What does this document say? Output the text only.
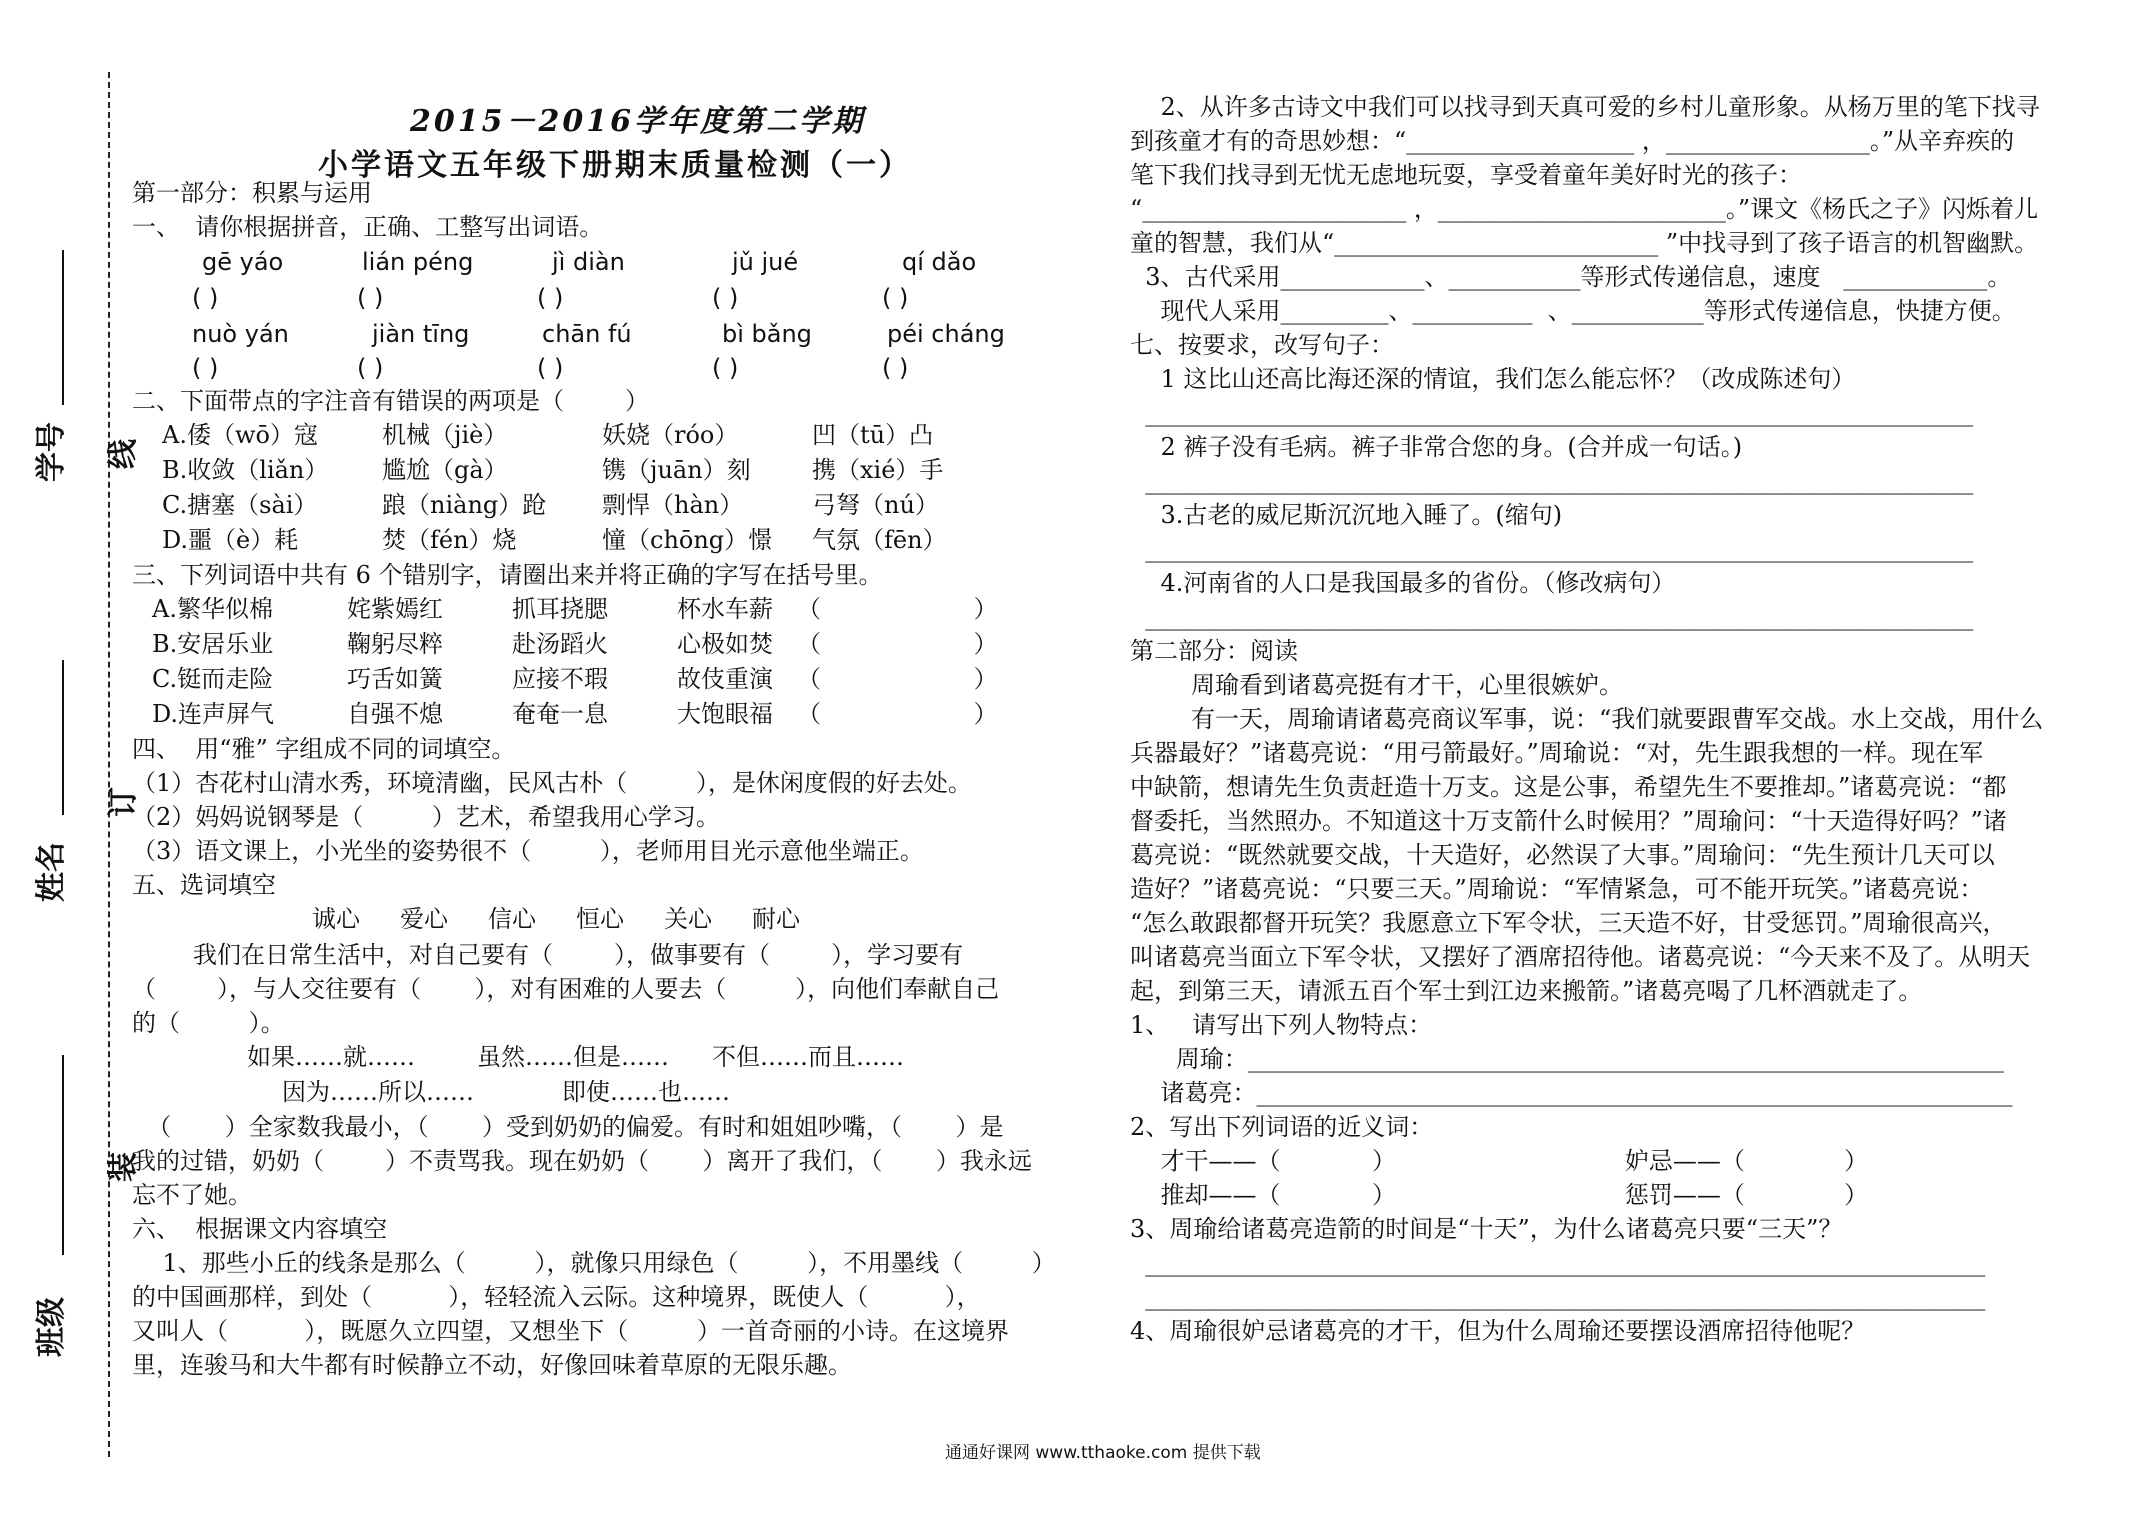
学号
姓名
班级
线
订
装
2015－2016学年度第二学期
小学语文五年级下册期末质量检测（一）
第一部分：积累与运用
一、  请你根据拼音，正确、工整写出词语。
gē yáo	lián péng	jì diàn	jǔ jué	qí dǎo
( )	( )	( )	( )	( )
nuò yán	jiàn tīng	chān fú	bì bǎng	péi cháng
( )	( )	( )	( )	( )
二、下面带点的字注音有错误的两项是（        ）
A.倭（wō）寇	机械（jiè）	妖娆（róo）	凹（tū）凸
B.收敛（liǎn） 尴尬（gà）	镌（juān）刻	携（xié）手
C.搪塞（sài）	踉（niàng）跄 剽悍（hàn）	弓弩（nú）
D.噩（è）耗	焚（fén）烧	憧（chōng）憬 气氛（fēn）
三、下列词语中共有 6 个错别字，请圈出来并将正确的字写在括号里。
A.繁华似棉	姹紫嫣红	抓耳挠腮	杯水车薪 （                    ）
B.安居乐业	鞠躬尽粹	赴汤蹈火	心极如焚 （                    ）
C.铤而走险	巧舌如簧	应接不瑕	故伎重演 （                    ）
D.连声屏气	自强不熄	奄奄一息	大饱眼福 （                    ）
四、  用“雅” 字组成不同的词填空。
（1）杏花村山清水秀，环境清幽，民风古朴（         ），是休闲度假的好去处。
（2）妈妈说钢琴是（         ）艺术，希望我用心学习。
（3）语文课上，小光坐的姿势很不（         ），老师用目光示意他坐端正。
五、选词填空
诚心 爱心 信心 恒心 关心 耐心
我们在日常生活中，对自己要有（        ），做事要有（        ），学习要有
（        ），与人交往要有（       ），对有困难的人要去（         ），向他们奉献自己
的（         ）。
如果……就……	虽然……但是…… 不但……而且……
因为……所以……	即使……也……
（       ）全家数我最小，（       ）受到奶奶的偏爱。有时和姐姐吵嘴，（       ）是
我的过错，奶奶（        ）不责骂我。现在奶奶（       ）离开了我们，（       ）我永远
忘不了她。
六、  根据课文内容填空
1、那些小丘的线条是那么（         ），就像只用绿色（         ），不用墨线（         ）
的中国画那样，到处（          ），轻轻流入云际。这种境界，既使人（          ），
又叫人（          ），既愿久立四望，又想坐下（         ）一首奇丽的小诗。在这境界
里，连骏马和大牛都有时候静立不动，好像回味着草原的无限乐趣。
2、从许多古诗文中我们可以找寻到天真可爱的乡村儿童形象。从杨万里的笔下找寻
到孩童才有的奇思妙想：“___________________ ，_________________。”从辛弃疾的
笔下我们找寻到无忧无虑地玩耍，享受着童年美好时光的孩子：
“______________________ ，________________________。”课文《杨氏之子》闪烁着儿
童的智慧，我们从“___________________________ ”中找寻到了孩子语言的机智幽默。
3、古代采用____________、___________等形式传递信息，速度   ____________。
现代人采用_________、__________  、___________等形式传递信息，快捷方便。
七、按要求，改写句子：
1 这比山还高比海还深的情谊，我们怎么能忘怀？（改成陈述句）
_____________________________________________________________________
2 裤子没有毛病。裤子非常合您的身。(合并成一句话。)
_____________________________________________________________________
3.古老的威尼斯沉沉地入睡了。(缩句)
_____________________________________________________________________
4.河南省的人口是我国最多的省份。（修改病句）
_____________________________________________________________________
第二部分：阅读
周瑜看到诸葛亮挺有才干，心里很嫉妒。
有一天，周瑜请诸葛亮商议军事，说：“我们就要跟曹军交战。水上交战，用什么
兵器最好？”诸葛亮说：“用弓箭最好。”周瑜说：“对，先生跟我想的一样。现在军
中缺箭，想请先生负责赶造十万支。这是公事，希望先生不要推却。”诸葛亮说：“都
督委托，当然照办。不知道这十万支箭什么时候用？”周瑜问：“十天造得好吗？”诸
葛亮说：“既然就要交战，十天造好，必然误了大事。”周瑜问：“先生预计几天可以
造好？”诸葛亮说：“只要三天。”周瑜说：“军情紧急，可不能开玩笑。”诸葛亮说：
“怎么敢跟都督开玩笑？我愿意立下军令状，三天造不好，甘受惩罚。”周瑜很高兴，
叫诸葛亮当面立下军令状，又摆好了酒席招待他。诸葛亮说：“今天来不及了。从明天
起，到第三天，请派五百个军士到江边来搬箭。”诸葛亮喝了几杯酒就走了。
1、   请写出下列人物特点：
周瑜：_______________________________________________________________
诸葛亮：_______________________________________________________________
2、写出下列词语的近义词：
才干——（            ）                              妒忌——（             ）
推却——（            ）                              惩罚——（             ）
3、周瑜给诸葛亮造箭的时间是“十天”，为什么诸葛亮只要“三天”？
______________________________________________________________________
______________________________________________________________________
4、周瑜很妒忌诸葛亮的才干，但为什么周瑜还要摆设酒席招待他呢？
通通好课网 www.tthaoke.com 提供下载
